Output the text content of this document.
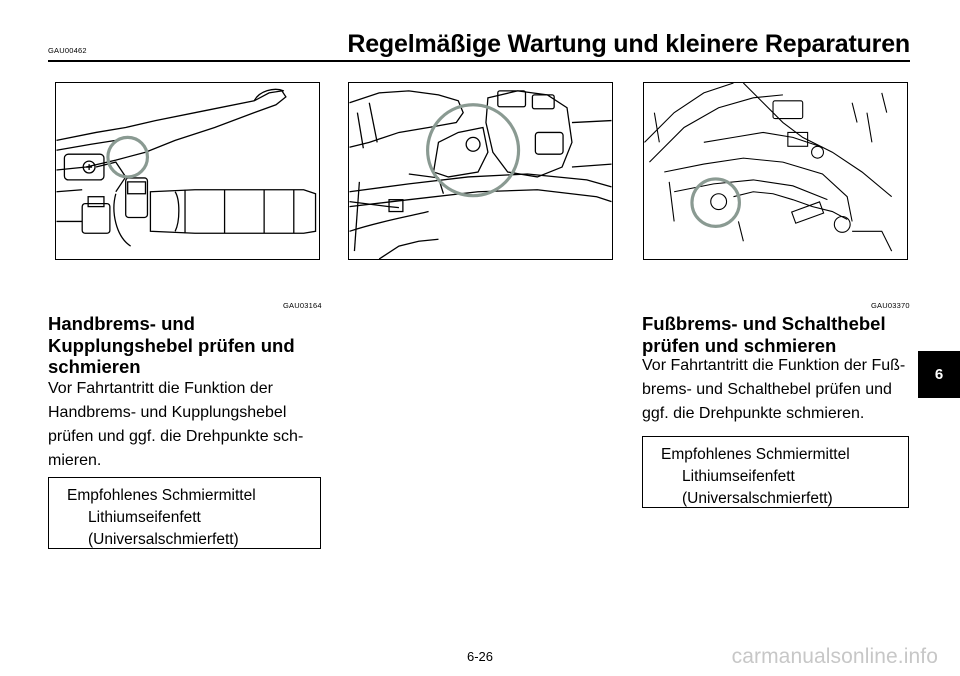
GAU00462	Regelmäßige Wartung und kleinere Reparaturen
GAU03164
Handbrems- und
Kupplungshebel prüfen und
schmieren

Vor Fahrtantritt die Funktion der
Handbrems- und Kupplungshebel
prüfen und ggf. die Drehpunkte sch-
mieren.

Empfohlenes Schmiermittel
Lithiumseifenfett
(Universalschmierfett)
GAU03370
Fußbrems- und Schalthebel
prüfen und schmieren

Vor Fahrtantritt die Funktion der Fuß-
brems- und Schalthebel prüfen und
ggf. die Drehpunkte schmieren.

Empfohlenes Schmiermittel
Lithiumseifenfett
(Universalschmierfett)
6
6-26	carmanualsonline.info
